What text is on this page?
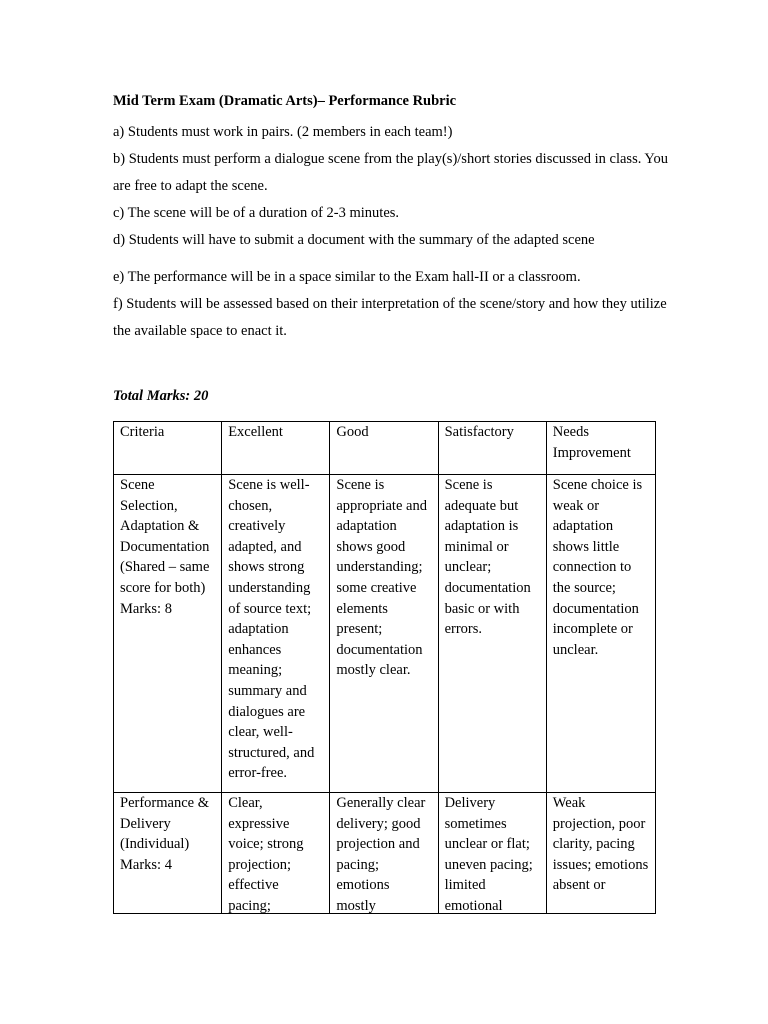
Mid Term Exam (Dramatic Arts)– Performance Rubric

a) Students must work in pairs. (2 members in each team!)

b) Students must perform a dialogue scene from the play(s)/short stories discussed in class. You are free to adapt the scene.

c) The scene will be of a duration of 2-3 minutes.

d) Students will have to submit a document with the summary of the adapted scene

e) The performance will be in a space similar to the Exam hall-II or a classroom.

f) Students will be assessed based on their interpretation of the scene/story and how they utilize the available space to enact it.

Total Marks: 20
Criteria	Excellent	Good	Satisfactory	Needs Improvement
Scene Selection, Adaptation & Documentation (Shared – same score for both) Marks: 8	Scene is well-chosen, creatively adapted, and shows strong understanding of source text; adaptation enhances meaning; summary and dialogues are clear, well-structured, and error-free.	Scene is appropriate and adaptation shows good understanding; some creative elements present; documentation mostly clear.	Scene is adequate but adaptation is minimal or unclear; documentation basic or with errors.	Scene choice is weak or adaptation shows little connection to the source; documentation incomplete or unclear.
Performance & Delivery (Individual) Marks: 4	Clear, expressive voice; strong projection; effective pacing;	Generally clear delivery; good projection and pacing; emotions mostly	Delivery sometimes unclear or flat; uneven pacing; limited emotional	Weak projection, poor clarity, pacing issues; emotions absent or
